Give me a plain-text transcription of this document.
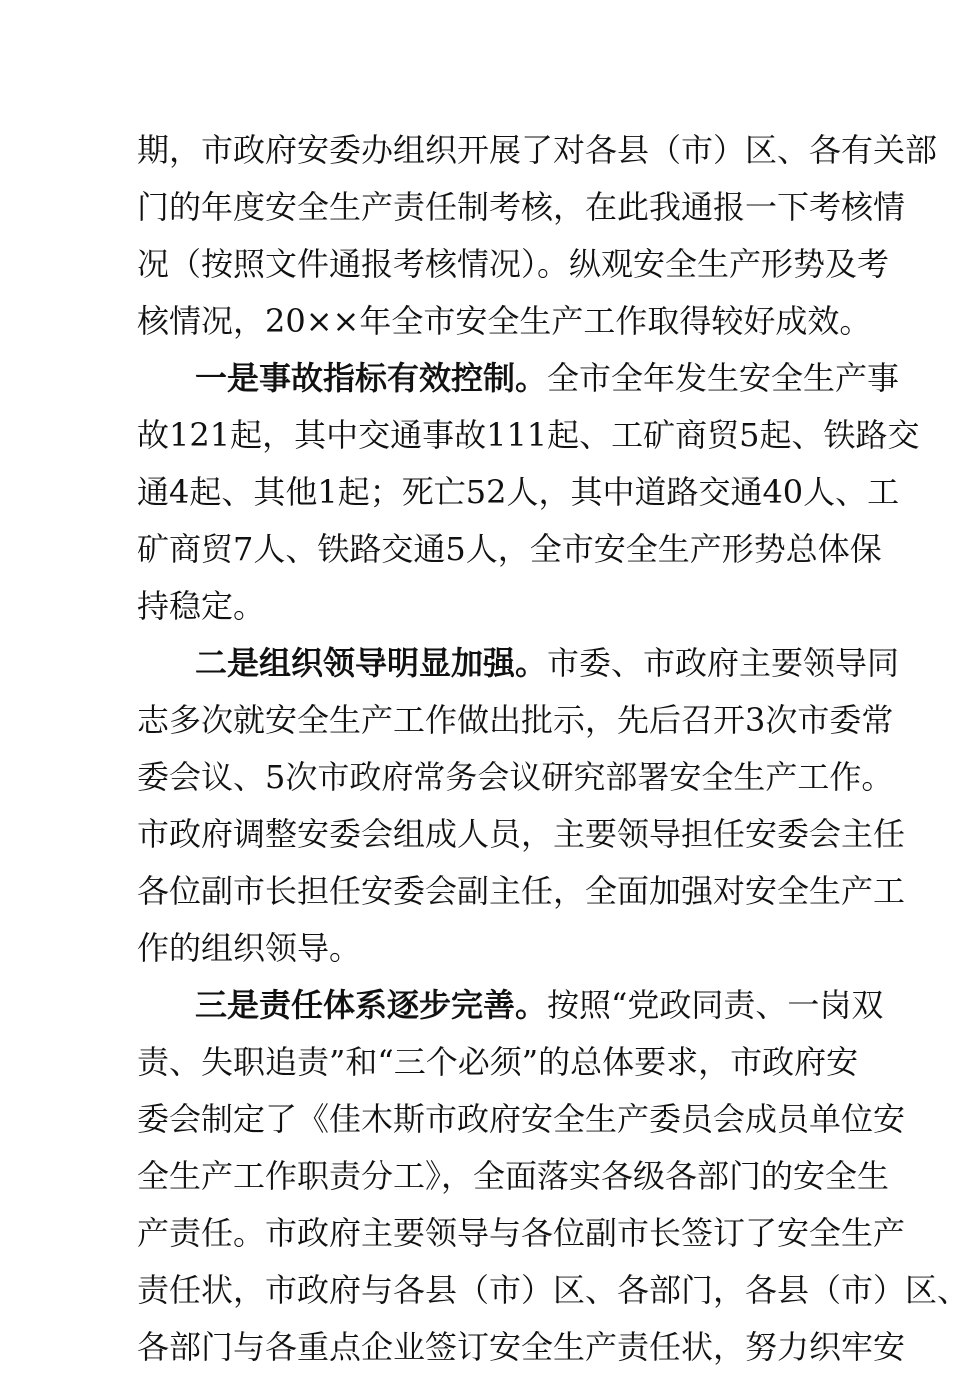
期，市政府安委办组织开展了对各县（市）区、各有关部
门的年度安全生产责任制考核，在此我通报一下考核情
况（按照文件通报考核情况）。纵观安全生产形势及考
核情况，20××年全市安全生产工作取得较好成效。
一是事故指标有效控制。全市全年发生安全生产事
故121起，其中交通事故111起、工矿商贸5起、铁路交
通4起、其他1起；死亡52人，其中道路交通40人、工
矿商贸7人、铁路交通5人，全市安全生产形势总体保
持稳定。
二是组织领导明显加强。市委、市政府主要领导同
志多次就安全生产工作做出批示，先后召开3次市委常
委会议、5次市政府常务会议研究部署安全生产工作。
市政府调整安委会组成人员，主要领导担任安委会主任
各位副市长担任安委会副主任，全面加强对安全生产工
作的组织领导。
三是责任体系逐步完善。按照“党政同责、一岗双
责、失职追责”和“三个必须”的总体要求，市政府安
委会制定了《佳木斯市政府安全生产委员会成员单位安
全生产工作职责分工》，全面落实各级各部门的安全生
产责任。市政府主要领导与各位副市长签订了安全生产
责任状，市政府与各县（市）区、各部门，各县（市）区、
各部门与各重点企业签订安全生产责任状，努力织牢安
